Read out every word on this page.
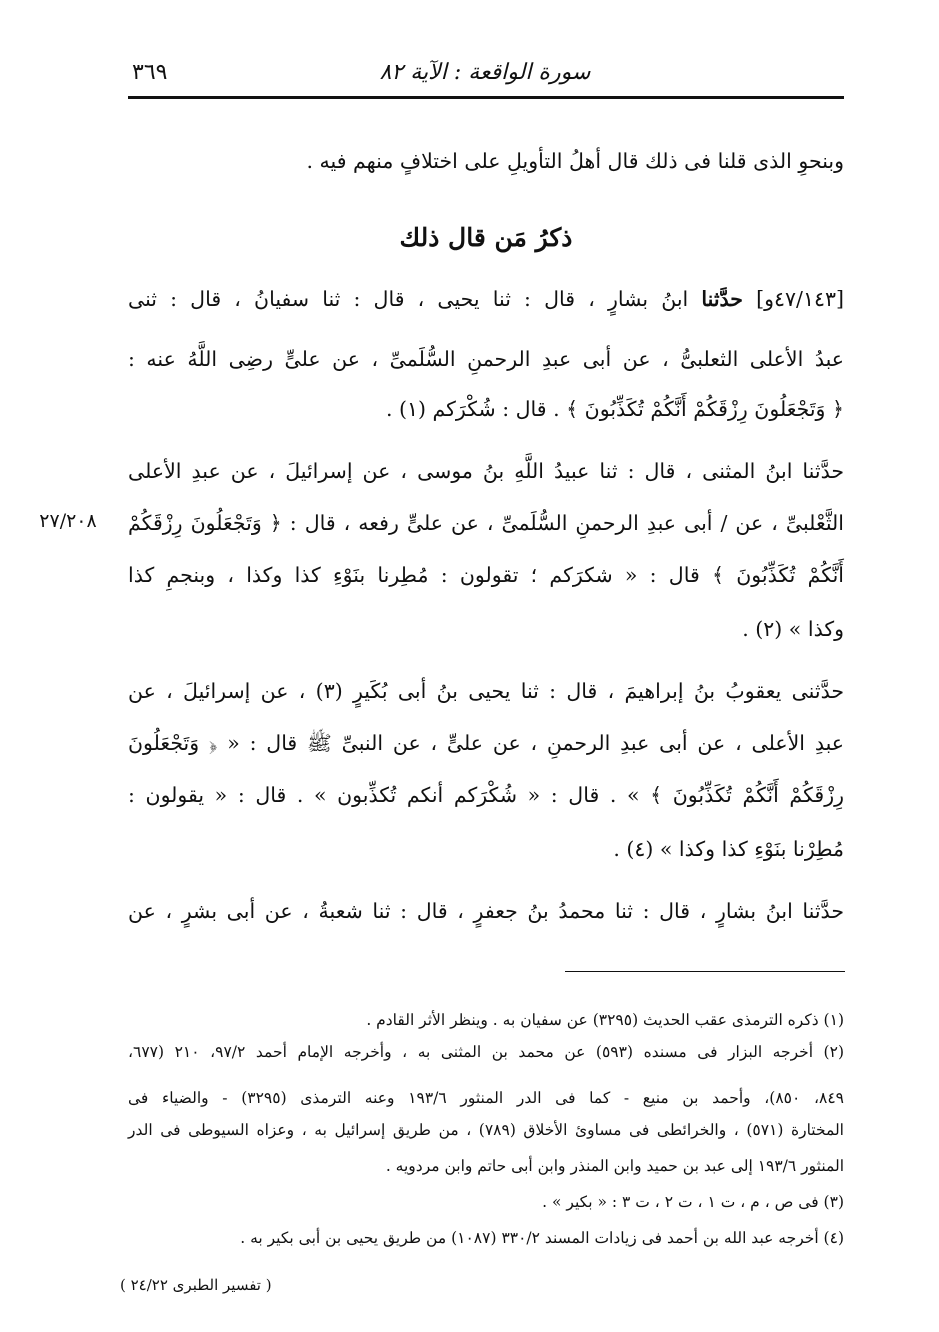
سورة الواقعة : الآية ٨٢
٣٦٩
وبنحوِ الذى قلنا فى ذلك قال أهلُ التأويلِ على اختلافٍ منهم فيه .
ذكرُ مَن قال ذلك
[٤٧/١٤٣و] حدَّثنا ابنُ بشارٍ ، قال : ثنا يحيى ، قال : ثنا سفيانُ ، قال : ثنى
عبدُ الأعلى الثعلبىُّ ، عن أبى عبدِ الرحمنِ السُّلَمىِّ ، عن علىٍّ رضِى اللَّهُ عنه :
﴿ وَتَجْعَلُونَ رِزْقَكُمْ أَنَّكُمْ تُكَذِّبُونَ ﴾ . قال : شُكْرَكم (١) .
حدَّثنا ابنُ المثنى ، قال : ثنا عبيدُ اللَّهِ بنُ موسى ، عن إسرائيلَ ، عن عبدِ الأعلى
الثَّعْلبىِّ ، عن / أبى عبدِ الرحمنِ السُّلَمىِّ ، عن علىٍّ رفعه ، قال : ﴿ وَتَجْعَلُونَ رِزْقَكُمْ
أَنَّكُمْ تُكَذِّبُونَ ﴾ قال : « شكرَكم ؛ تقولون : مُطِرنا بنَوْءِ كذا وكذا ، وبنجمِ كذا
وكذا » (٢) .
٢٧/٢٠٨
حدَّثنى يعقوبُ بنُ إبراهيمَ ، قال : ثنا يحيى بنُ أبى بُكَيرٍ (٣) ، عن إسرائيلَ ، عن
عبدِ الأعلى ، عن أبى عبدِ الرحمنِ ، عن علىٍّ ، عن النبىِّ ﷺ قال : « ﴿ وَتَجْعَلُونَ
رِزْقَكُمْ أَنَّكُمْ تُكَذِّبُونَ ﴾ » . قال : « شُكْرَكم أنكم تُكذِّبون » . قال : « يقولون :
مُطِرْنا بنَوْءِ كذا وكذا » (٤) .
حدَّثنا ابنُ بشارٍ ، قال : ثنا محمدُ بنُ جعفرٍ ، قال : ثنا شعبةُ ، عن أبى بشرٍ ، عن
(١) ذكره الترمذى عقب الحديث (٣٢٩٥) عن سفيان به . وينظر الأثر القادم .
(٢) أخرجه البزار فى مسنده (٥٩٣) عن محمد بن المثنى به ، وأخرجه الإمام أحمد ٩٧/٢، ٢١٠ (٦٧٧،
٨٤٩، ٨٥٠)، وأحمد بن منيع - كما فى الدر المنثور ١٩٣/٦ وعنه الترمذى (٣٢٩٥) - والضياء فى
المختارة (٥٧١) ، والخرائطى فى مساوئ الأخلاق (٧٨٩) ، من طريق إسرائيل به ، وعزاه السيوطى فى الدر
المنثور ١٩٣/٦ إلى عبد بن حميد وابن المنذر وابن أبى حاتم وابن مردويه .
(٣) فى ص ، م ، ت ١ ، ت ٢ ، ت ٣ : « بكير » .
(٤) أخرجه عبد الله بن أحمد فى زيادات المسند ٣٣٠/٢ (١٠٨٧) من طريق يحيى بن أبى بكير به .
( تفسير الطبرى ٢٤/٢٢ )
